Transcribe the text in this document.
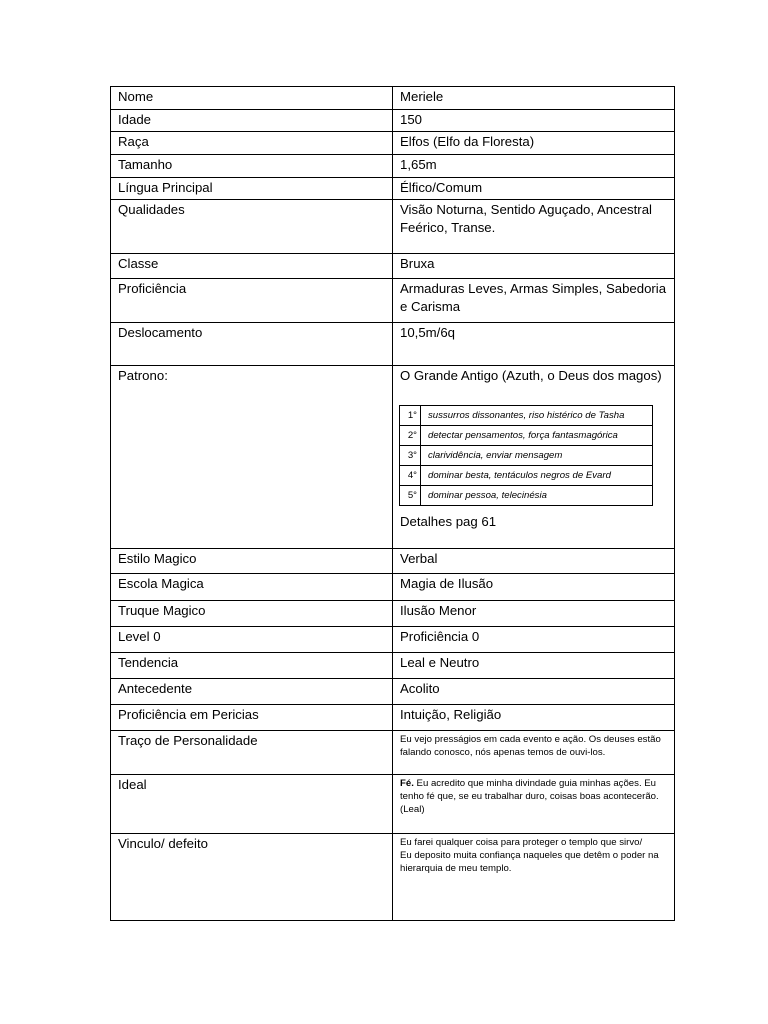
Nome	Meriele
Idade	150
Raça	Elfos (Elfo da Floresta)
Tamanho	1,65m
Língua Principal	Élfico/Comum
Qualidades	Visão Noturna, Sentido Aguçado, Ancestral Feérico, Transe.
Classe	Bruxa
Proficiência	Armaduras Leves, Armas Simples, Sabedoria e Carisma
Deslocamento	10,5m/6q
Patrono:	O Grande Antigo (Azuth, o Deus dos magos)
1°	sussurros dissonantes, riso histérico de Tasha
2°	detectar pensamentos, força fantasmagórica
3°	clarividência, enviar mensagem
4°	dominar besta, tentáculos negros de Evard
5°	dominar pessoa, telecinésia
Detalhes pag 61

Estilo Magico	Verbal
Escola Magica	Magia de Ilusão
Truque Magico	Ilusão Menor
Level 0	Proficiência 0
Tendencia	Leal e Neutro
Antecedente	Acolito
Proficiência em Pericias	Intuição, Religião
Traço de Personalidade	Eu vejo presságios em cada evento e ação. Os deuses estão falando conosco, nós apenas temos de ouvi-los.

Ideal	Fé. Eu acredito que minha divindade guia minhas ações. Eu tenho fé que, se eu trabalhar duro, coisas boas acontecerão. (Leal)

Vinculo/ defeito	Eu farei qualquer coisa para proteger o templo que sirvo/
Eu deposito muita confiança naqueles que detêm o poder na hierarquia de meu templo.
